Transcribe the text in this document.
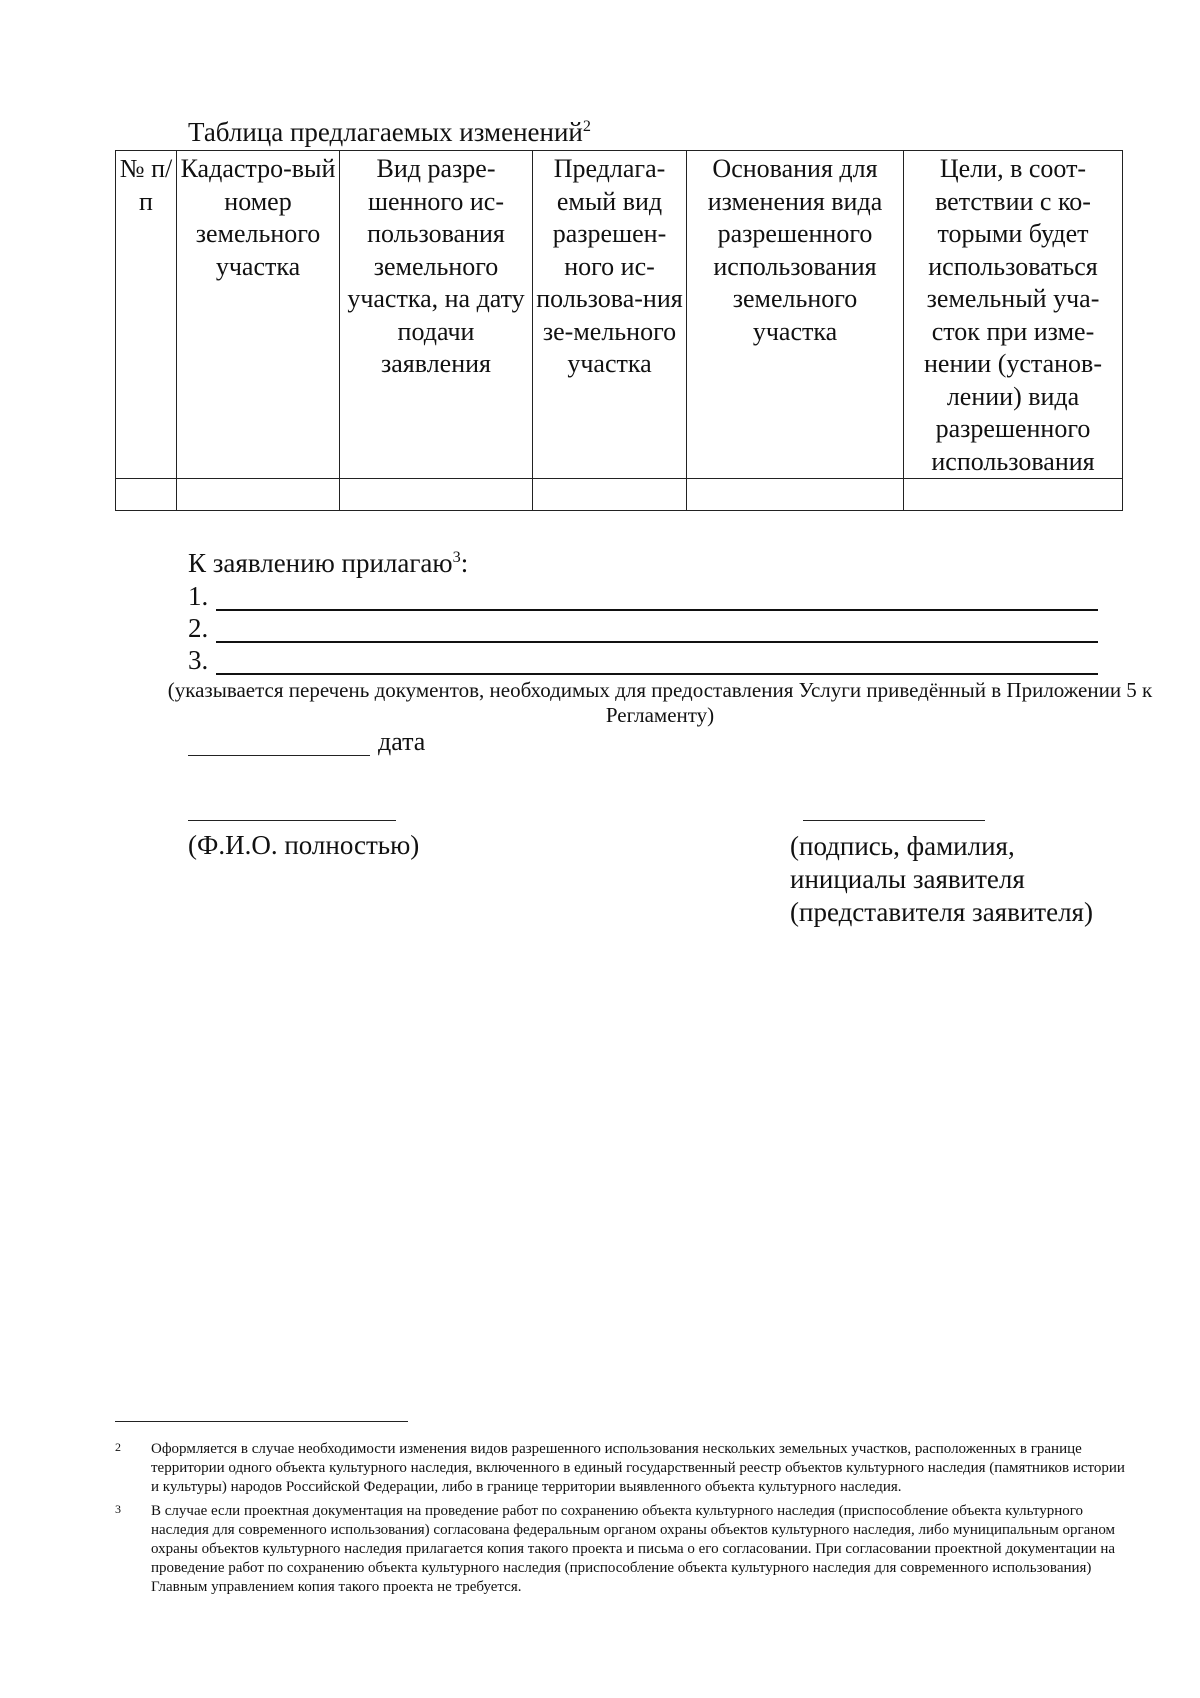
Таблица предлагаемых изменений$^2$
№ п/п	Кадастро-вый номер земельного участка	Вид разре-шенного ис-пользования земельного участка, на дату подачи заявления	Предлага-емый вид разрешен-ного ис-пользова-ния зе-мельного участка	Основания для изменения вида разрешенного использования земельного участка	Цели, в соот-ветствии с ко-торыми будет использоваться земельный уча-сток при изме-нении (установ-лении) вида разрешенного использования

К заявлению прилагаю$^3$:
1.
2.
3.
(указывается перечень документов, необходимых для предоставления Услуги приведённый в Приложении 5 к Регламенту)
дата
(Ф.И.О. полностью)	(подпись, фамилия,
инициалы заявителя
(представителя заявителя)
2 Оформляется в случае необходимости изменения видов разрешенного использования нескольких земельных участков, расположенных в границе территории одного объекта культурного наследия, включенного в единый государственный реестр объектов культурного наследия (памятников истории и культуры) народов Российской Федерации, либо в границе территории выявленного объекта культурного наследия.
3 В случае если проектная документация на проведение работ по сохранению объекта культурного наследия (приспособление объекта культурного наследия для современного использования) согласована федеральным органом охраны объектов культурного наследия, либо муниципальным органом охраны объектов культурного наследия прилагается копия такого проекта и письма о его согласовании. При согласовании проектной документации на проведение работ по сохранению объекта культурного наследия (приспособление объекта культурного наследия для современного использования) Главным управлением копия такого проекта не требуется.
